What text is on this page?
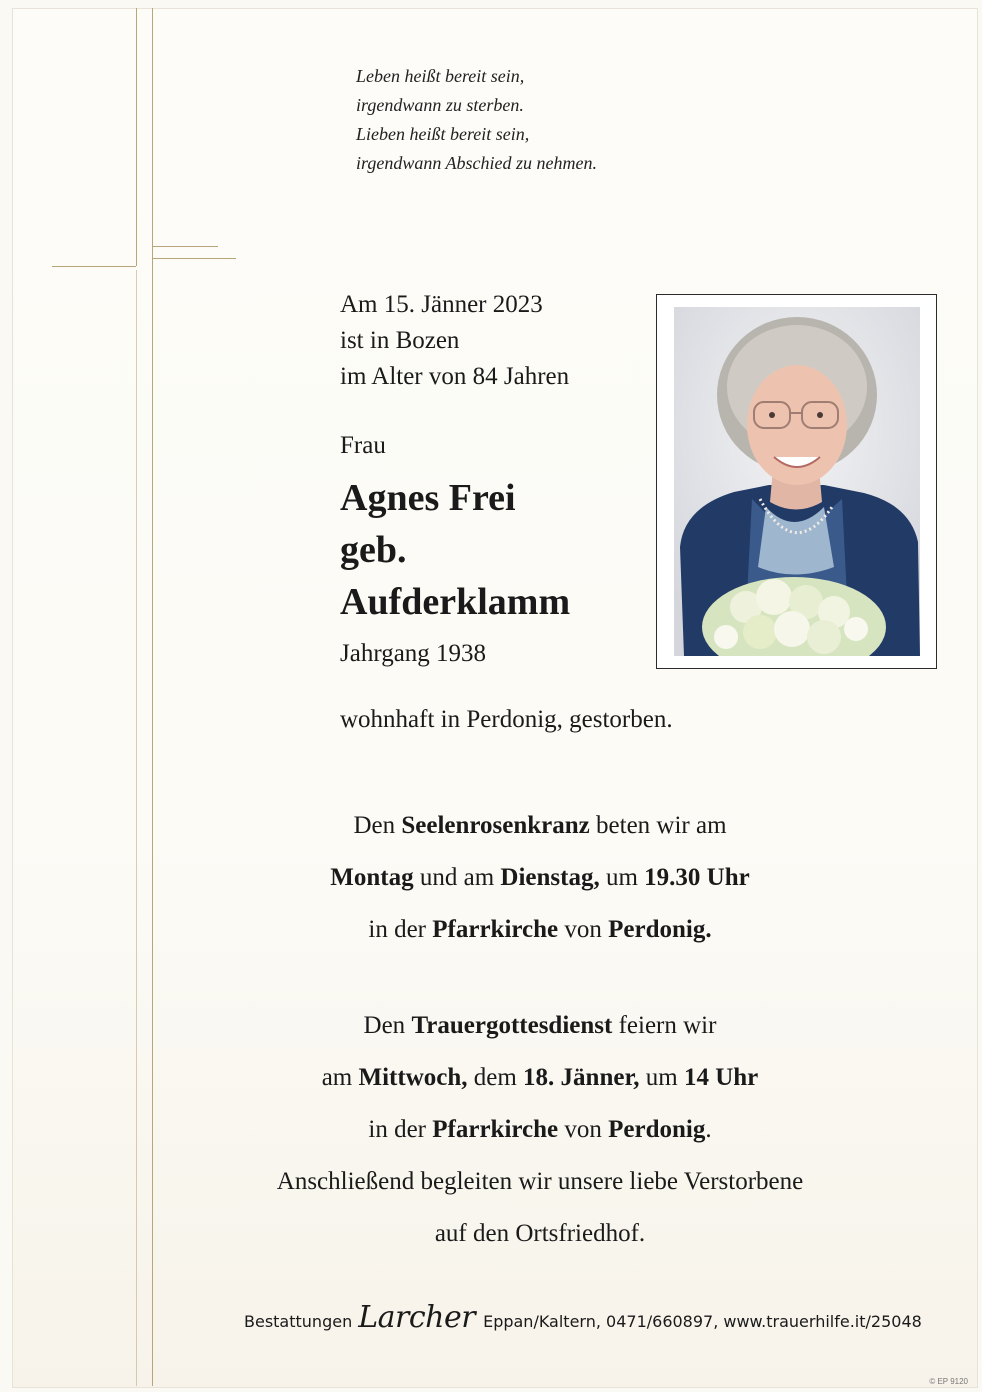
Leben heißt bereit sein,
irgendwann zu sterben.
Lieben heißt bereit sein,
irgendwann Abschied zu nehmen.
Am 15. Jänner 2023
ist in Bozen
im Alter von 84 Jahren
Frau
Agnes Frei
geb.
Aufderklamm
Jahrgang 1938
wohnhaft in Perdonig, gestorben.
Den Seelenrosenkranz beten wir am
Montag und am Dienstag, um 19.30 Uhr
in der Pfarrkirche von Perdonig.
Den Trauergottesdienst feiern wir
am Mittwoch, dem 18. Jänner, um 14 Uhr
in der Pfarrkirche von Perdonig.
Anschließend begleiten wir unsere liebe Verstorbene
auf den Ortsfriedhof.
Bestattungen Larcher Eppan/Kaltern, 0471/660897, www.trauerhilfe.it/25048
© EP 9120
